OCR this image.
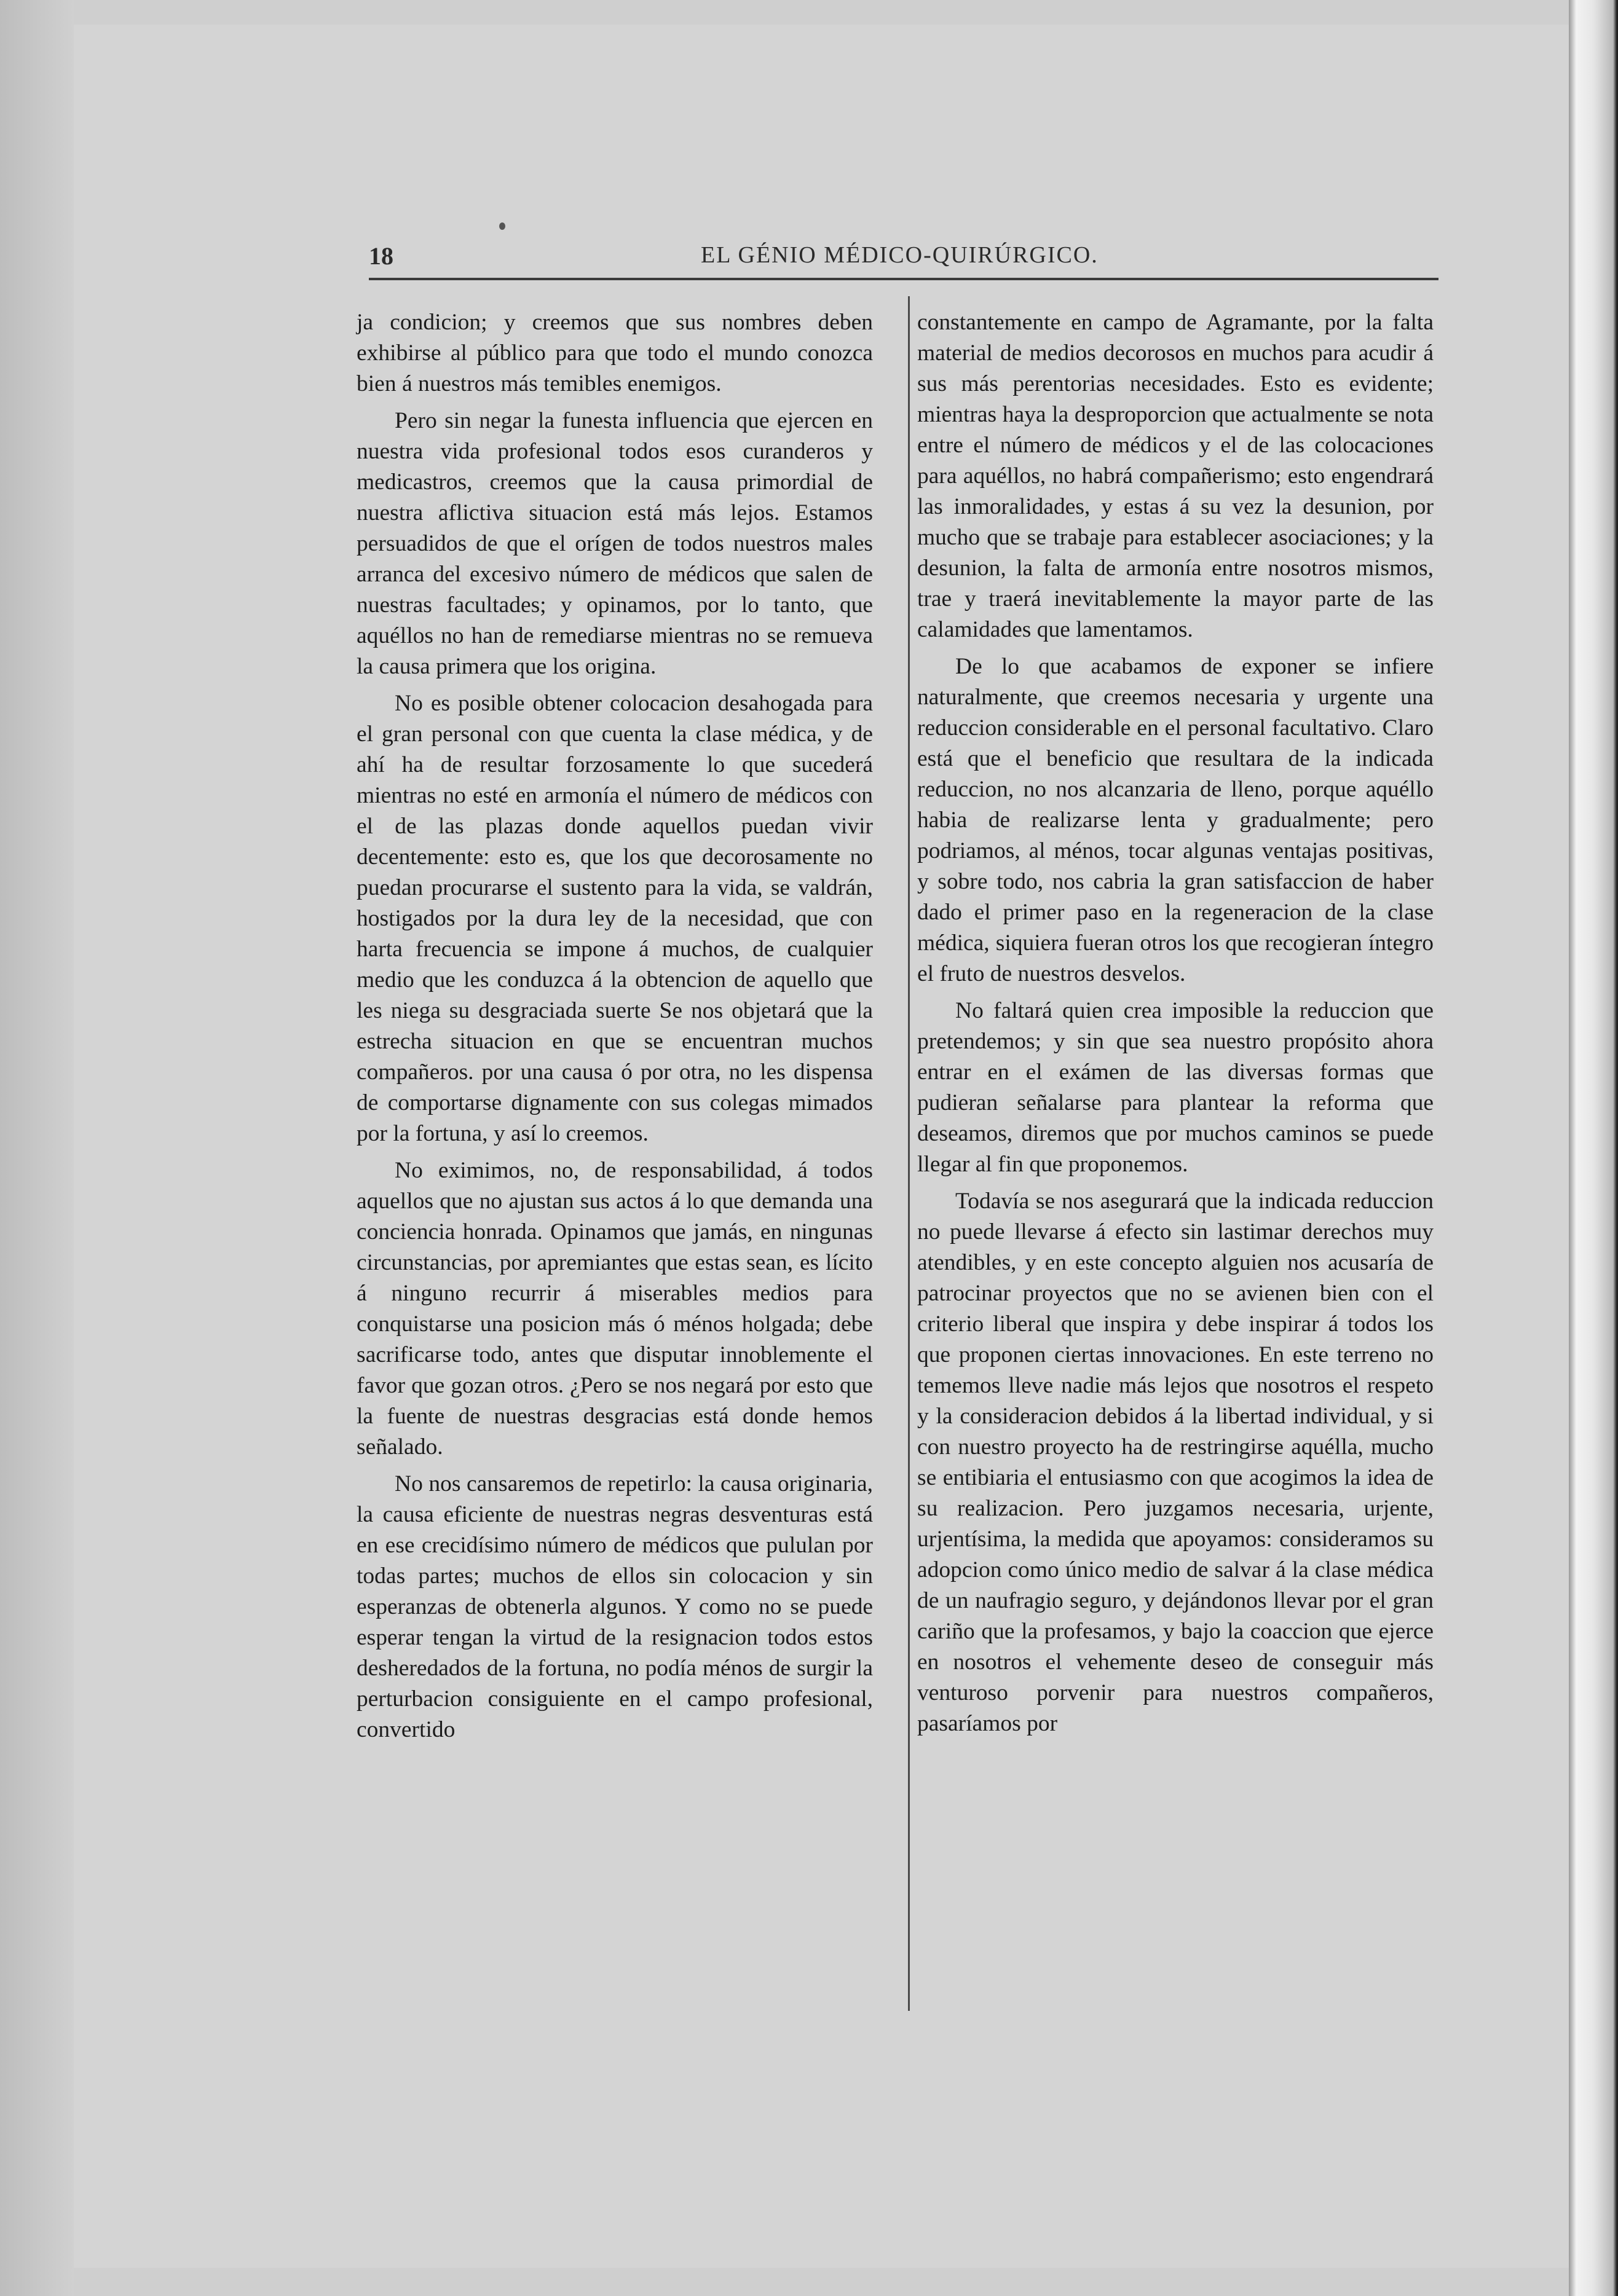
18	EL GÉNIO MÉDICO-QUIRÚRGICO.

ja condicion; y creemos que sus nombres deben exhibirse al público para que todo el mundo conozca bien á nuestros más temibles enemigos.

Pero sin negar la funesta influencia que ejercen en nuestra vida profesional todos esos curanderos y medicastros, creemos que la causa primordial de nuestra aflictiva situacion está más lejos. Estamos persuadidos de que el orígen de todos nuestros males arranca del excesivo número de médicos que salen de nuestras facultades; y opinamos, por lo tanto, que aquéllos no han de remediarse mientras no se remueva la causa primera que los origina.

No es posible obtener colocacion desahogada para el gran personal con que cuenta la clase médica, y de ahí ha de resultar forzosamente lo que sucederá mientras no esté en armonía el número de médicos con el de las plazas donde aquellos puedan vivir decentemente: esto es, que los que decorosamente no puedan procurarse el sustento para la vida, se valdrán, hostigados por la dura ley de la necesidad, que con harta frecuencia se impone á muchos, de cualquier medio que les conduzca á la obtencion de aquello que les niega su desgraciada suerte Se nos objetará que la estrecha situacion en que se encuentran muchos compañeros. por una causa ó por otra, no les dispensa de comportarse dignamente con sus colegas mimados por la fortuna, y así lo creemos.

No eximimos, no, de responsabilidad, á todos aquellos que no ajustan sus actos á lo que demanda una conciencia honrada. Opinamos que jamás, en ningunas circunstancias, por apremiantes que estas sean, es lícito á ninguno recurrir á miserables medios para conquistarse una posicion más ó ménos holgada; debe sacrificarse todo, antes que disputar innoblemente el favor que gozan otros. ¿Pero se nos negará por esto que la fuente de nuestras desgracias está donde hemos señalado.

No nos cansaremos de repetirlo: la causa originaria, la causa eficiente de nuestras negras desventuras está en ese crecidísimo número de médicos que pululan por todas partes; muchos de ellos sin colocacion y sin esperanzas de obtenerla algunos. Y como no se puede esperar tengan la virtud de la resignacion todos estos desheredados de la fortuna, no podía ménos de surgir la perturbacion consiguiente en el campo profesional, convertido

constantemente en campo de Agramante, por la falta material de medios decorosos en muchos para acudir á sus más perentorias necesidades. Esto es evidente; mientras haya la desproporcion que actualmente se nota entre el número de médicos y el de las colocaciones para aquéllos, no habrá compañerismo; esto engendrará las inmoralidades, y estas á su vez la desunion, por mucho que se trabaje para establecer asociaciones; y la desunion, la falta de armonía entre nosotros mismos, trae y traerá inevitablemente la mayor parte de las calamidades que lamentamos.

De lo que acabamos de exponer se infiere naturalmente, que creemos necesaria y urgente una reduccion considerable en el personal facultativo. Claro está que el beneficio que resultara de la indicada reduccion, no nos alcanzaria de lleno, porque aquéllo habia de realizarse lenta y gradualmente; pero podriamos, al ménos, tocar algunas ventajas positivas, y sobre todo, nos cabria la gran satisfaccion de haber dado el primer paso en la regeneracion de la clase médica, siquiera fueran otros los que recogieran íntegro el fruto de nuestros desvelos.

No faltará quien crea imposible la reduccion que pretendemos; y sin que sea nuestro propósito ahora entrar en el exámen de las diversas formas que pudieran señalarse para plantear la reforma que deseamos, diremos que por muchos caminos se puede llegar al fin que proponemos.

Todavía se nos asegurará que la indicada reduccion no puede llevarse á efecto sin lastimar derechos muy atendibles, y en este concepto alguien nos acusaría de patrocinar proyectos que no se avienen bien con el criterio liberal que inspira y debe inspirar á todos los que proponen ciertas innovaciones. En este terreno no tememos lleve nadie más lejos que nosotros el respeto y la consideracion debidos á la libertad individual, y si con nuestro proyecto ha de restringirse aquélla, mucho se entibiaria el entusiasmo con que acogimos la idea de su realizacion. Pero juzgamos necesaria, urjente, urjentísima, la medida que apoyamos: consideramos su adopcion como único medio de salvar á la clase médica de un naufragio seguro, y dejándonos llevar por el gran cariño que la profesamos, y bajo la coaccion que ejerce en nosotros el vehemente deseo de conseguir más venturoso porvenir para nuestros compañeros, pasaríamos por
